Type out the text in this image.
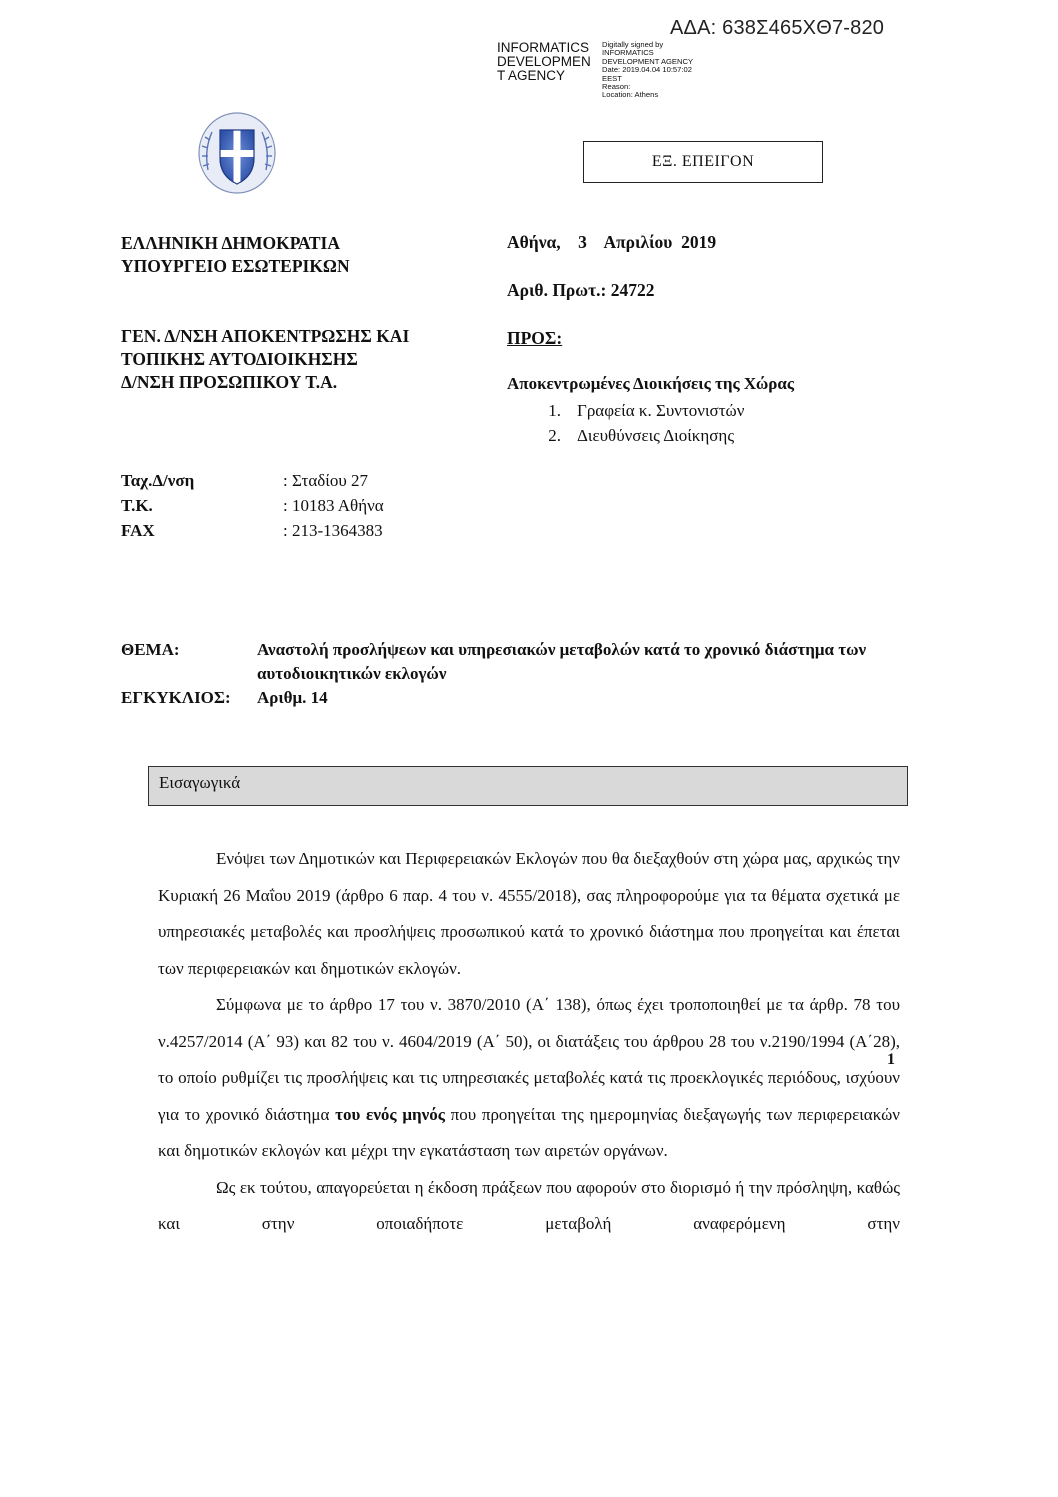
ΑΔΑ: 638Σ465ΧΘ7-820
INFORMATICS
DEVELOPMEN
T AGENCY
Digitally signed by
INFORMATICS
DEVELOPMENT AGENCY
Date: 2019.04.04 10:57:02
EEST
Reason:
Location: Athens
ΕΞ. ΕΠΕΙΓΟΝ
ΕΛΛΗΝΙΚΗ ΔΗΜΟΚΡΑΤΙΑ
ΥΠΟΥΡΓΕΙΟ ΕΣΩΤΕΡΙΚΩΝ
ΓΕΝ. Δ/ΝΣΗ ΑΠΟΚΕΝΤΡΩΣΗΣ ΚΑΙ
ΤΟΠΙΚΗΣ ΑΥΤΟΔΙΟΙΚΗΣΗΣ
Δ/ΝΣΗ ΠΡΟΣΩΠΙΚΟΥ Τ.Α.
Αθήνα,    3    Απριλίου  2019
Αριθ. Πρωτ.: 24722
ΠΡΟΣ:
Αποκεντρωμένες Διοικήσεις της Χώρας
1. Γραφεία κ. Συντονιστών
2. Διευθύνσεις Διοίκησης
Ταχ.Δ/νση	: Σταδίου 27
Τ.Κ.	: 10183 Αθήνα
FAX	: 213-1364383
ΘΕΜΑ:	Αναστολή προσλήψεων και υπηρεσιακών μεταβολών κατά το χρονικό διάστημα των αυτοδιοικητικών εκλογών
ΕΓΚΥΚΛΙΟΣ:	Αριθμ. 14
Εισαγωγικά

Ενόψει των Δημοτικών και Περιφερειακών Εκλογών που θα διεξαχθούν στη χώρα μας, αρχικώς την Κυριακή 26 Μαΐου 2019 (άρθρο 6 παρ. 4 του ν. 4555/2018), σας πληροφορούμε για τα θέματα σχετικά με υπηρεσιακές μεταβολές και προσλήψεις προσωπικού κατά το χρονικό διάστημα που προηγείται και έπεται των περιφερειακών και δημοτικών εκλογών.

Σύμφωνα με το άρθρο 17 του ν. 3870/2010 (Α΄ 138), όπως έχει τροποποιηθεί με τα άρθρ. 78 του ν.4257/2014 (Α΄ 93) και 82 του ν. 4604/2019 (Α΄ 50), οι διατάξεις του άρθρου 28 του ν.2190/1994 (Α΄28), το οποίο ρυθμίζει τις προσλήψεις και τις υπηρεσιακές μεταβολές κατά τις προεκλογικές περιόδους, ισχύουν για το χρονικό διάστημα του ενός μηνός που προηγείται της ημερομηνίας διεξαγωγής των περιφερειακών και δημοτικών εκλογών και μέχρι την εγκατάσταση των αιρετών οργάνων.

Ως εκ τούτου, απαγορεύεται η έκδοση πράξεων που αφορούν στο διορισμό ή την πρόσληψη, καθώς και στην οποιαδήποτε μεταβολή αναφερόμενη στην

1
